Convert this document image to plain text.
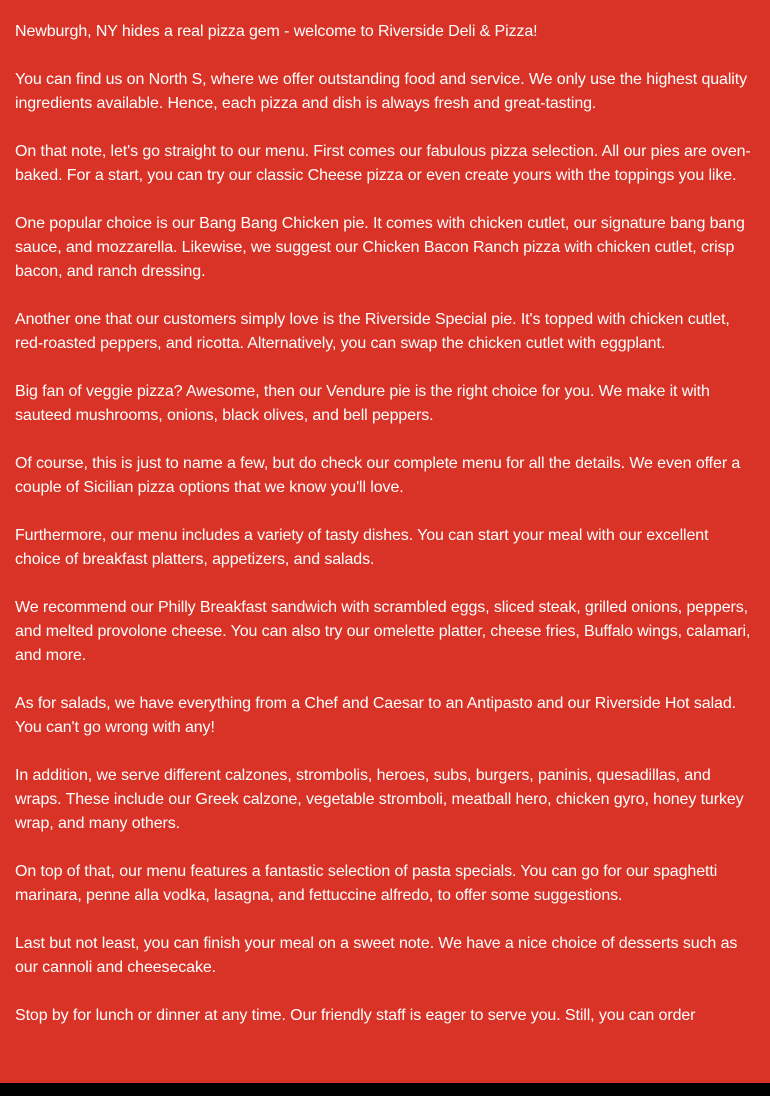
Newburgh, NY hides a real pizza gem - welcome to Riverside Deli & Pizza!

You can find us on North S, where we offer outstanding food and service. We only use the highest quality ingredients available. Hence, each pizza and dish is always fresh and great-tasting.

On that note, let's go straight to our menu. First comes our fabulous pizza selection. All our pies are oven-baked. For a start, you can try our classic Cheese pizza or even create yours with the toppings you like.

One popular choice is our Bang Bang Chicken pie. It comes with chicken cutlet, our signature bang bang sauce, and mozzarella. Likewise, we suggest our Chicken Bacon Ranch pizza with chicken cutlet, crisp bacon, and ranch dressing.

Another one that our customers simply love is the Riverside Special pie. It's topped with chicken cutlet, red-roasted peppers, and ricotta. Alternatively, you can swap the chicken cutlet with eggplant.

Big fan of veggie pizza? Awesome, then our Vendure pie is the right choice for you. We make it with sauteed mushrooms, onions, black olives, and bell peppers.

Of course, this is just to name a few, but do check our complete menu for all the details. We even offer a couple of Sicilian pizza options that we know you'll love.

Furthermore, our menu includes a variety of tasty dishes. You can start your meal with our excellent choice of breakfast platters, appetizers, and salads.

We recommend our Philly Breakfast sandwich with scrambled eggs, sliced steak, grilled onions, peppers, and melted provolone cheese. You can also try our omelette platter, cheese fries, Buffalo wings, calamari, and more.

As for salads, we have everything from a Chef and Caesar to an Antipasto and our Riverside Hot salad. You can't go wrong with any!

In addition, we serve different calzones, strombolis, heroes, subs, burgers, paninis, quesadillas, and wraps. These include our Greek calzone, vegetable stromboli, meatball hero, chicken gyro, honey turkey wrap, and many others.

On top of that, our menu features a fantastic selection of pasta specials. You can go for our spaghetti marinara, penne alla vodka, lasagna, and fettuccine alfredo, to offer some suggestions.

Last but not least, you can finish your meal on a sweet note. We have a nice choice of desserts such as our cannoli and cheesecake.

Stop by for lunch or dinner at any time. Our friendly staff is eager to serve you. Still, you can order
